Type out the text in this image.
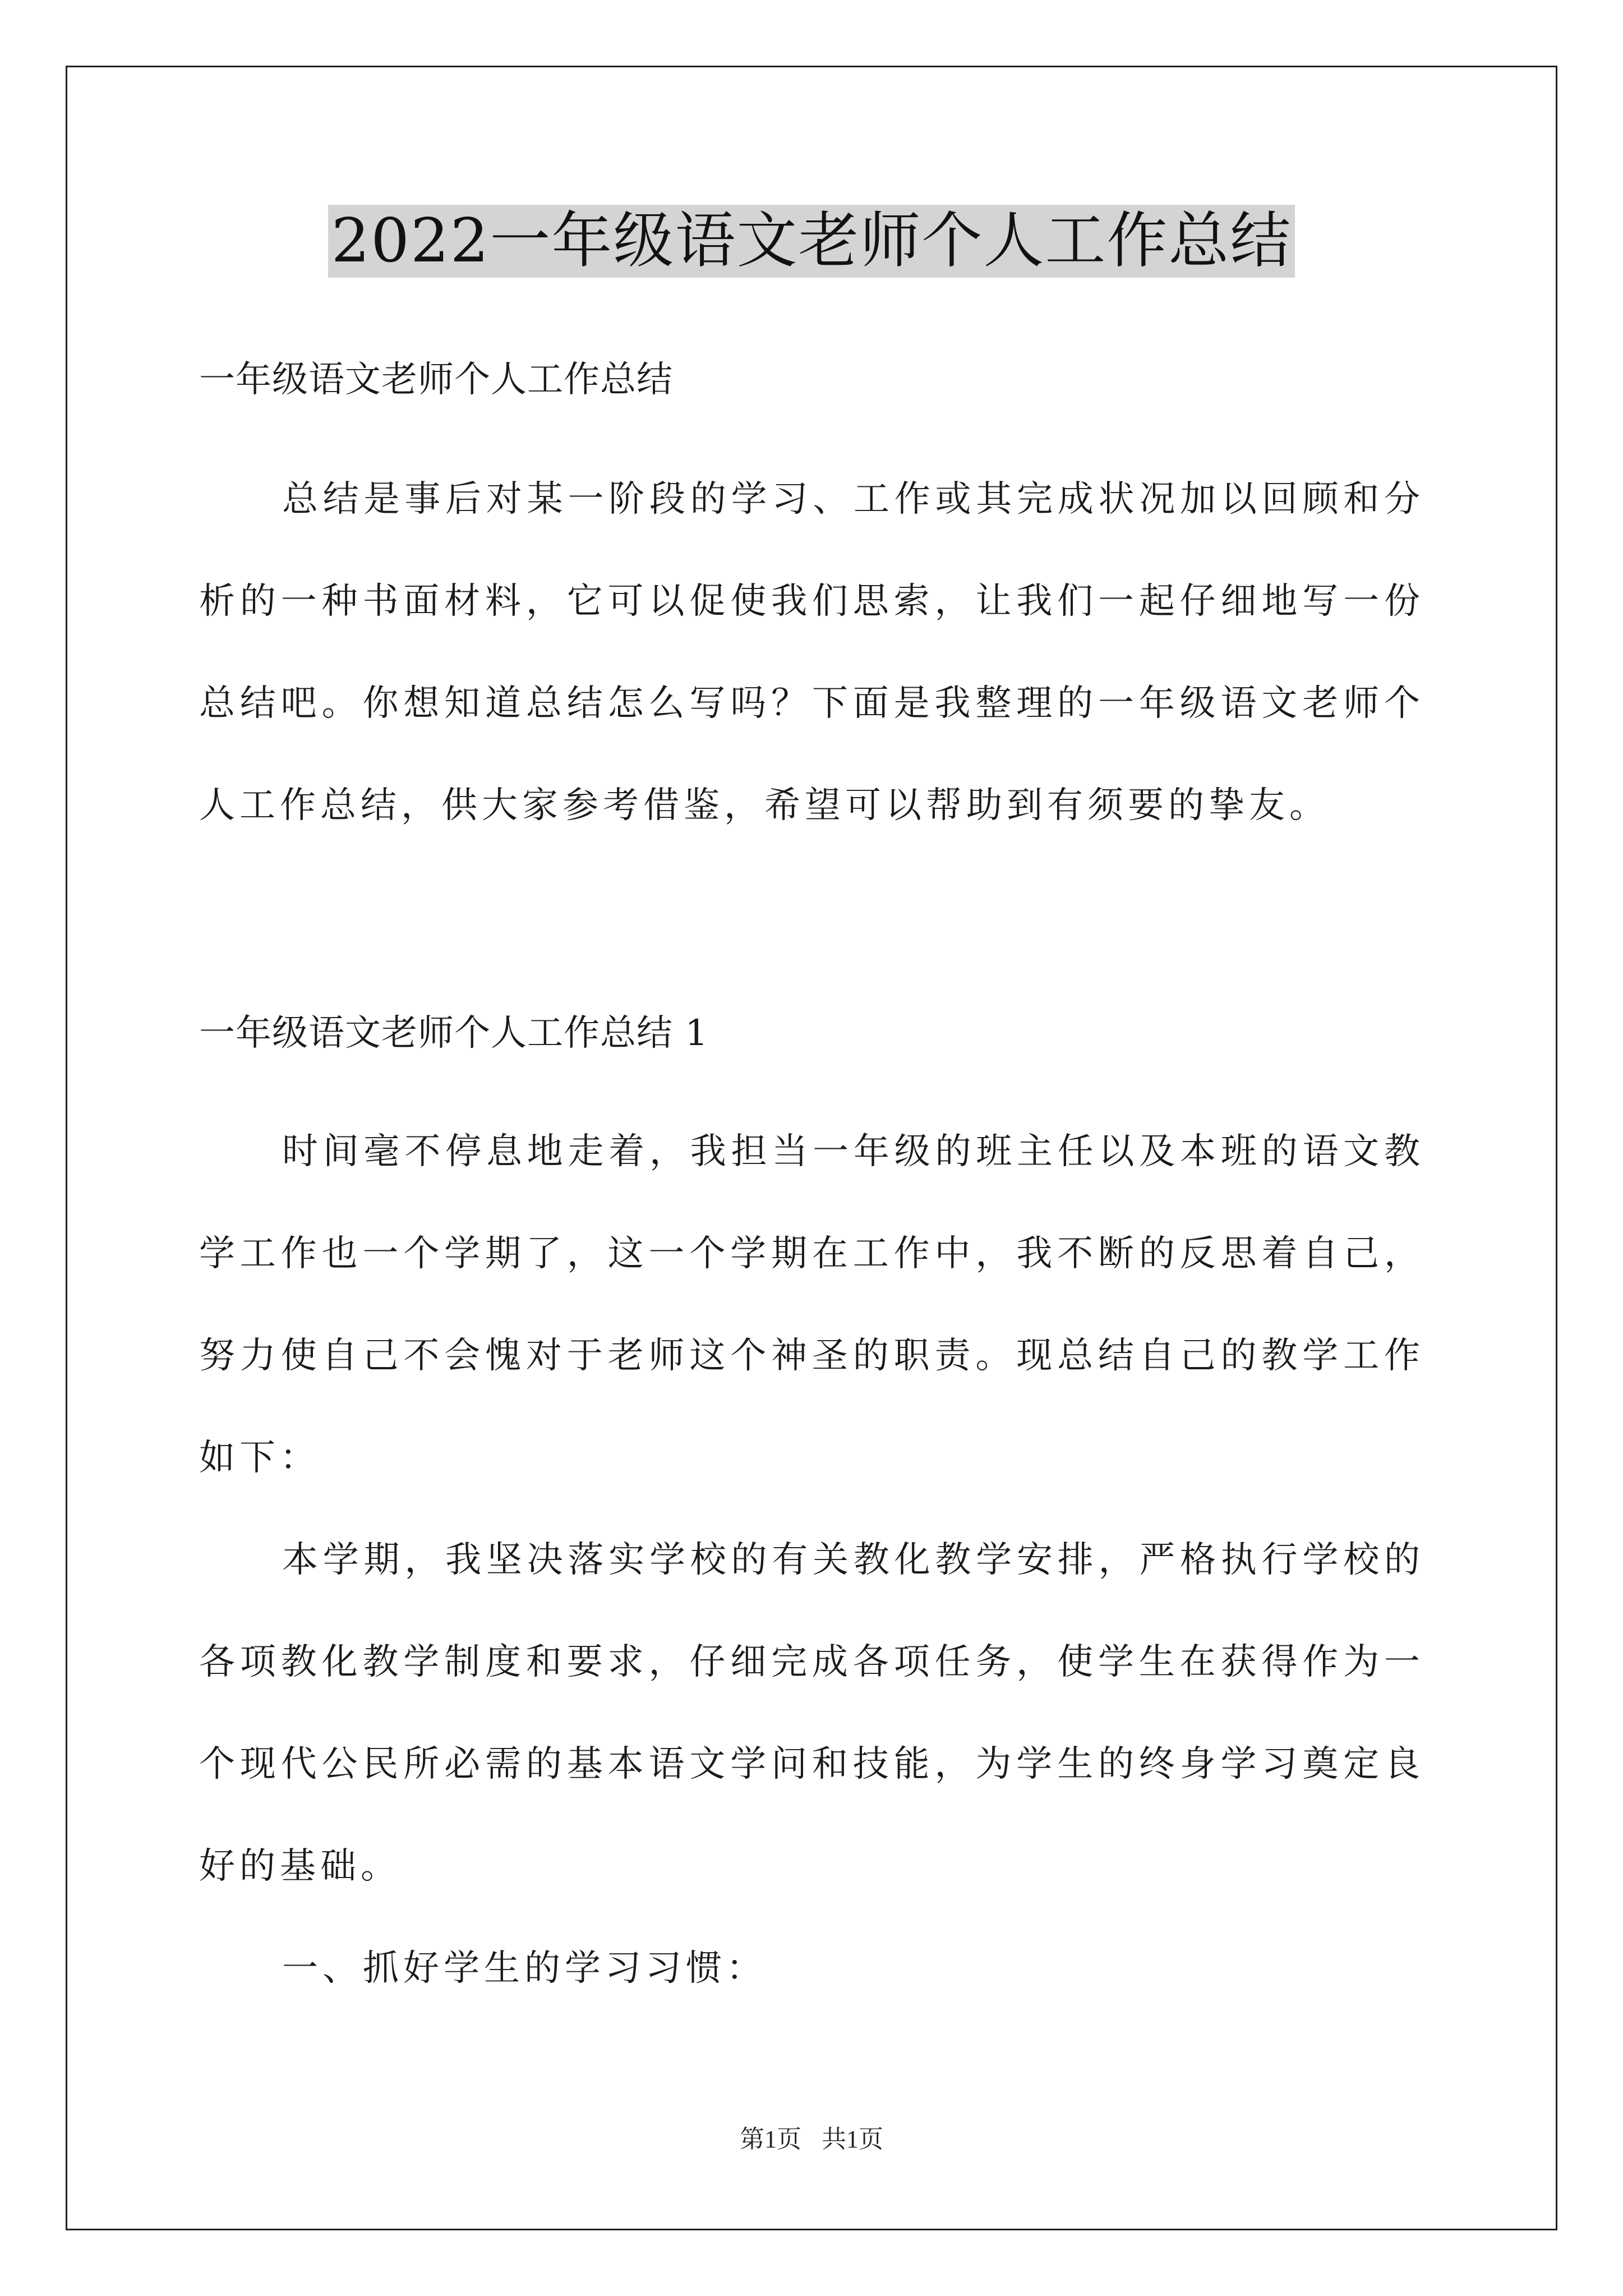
2022一年级语文老师个人工作总结

一年级语文老师个人工作总结

总结是事后对某一阶段的学习、工作或其完成状况加以回顾和分析的一种书面材料，它可以促使我们思索，让我们一起仔细地写一份总结吧。你想知道总结怎么写吗？下面是我整理的一年级语文老师个人工作总结，供大家参考借鉴，希望可以帮助到有须要的挚友。

一年级语文老师个人工作总结 1

时间毫不停息地走着，我担当一年级的班主任以及本班的语文教学工作也一个学期了，这一个学期在工作中，我不断的反思着自己，努力使自己不会愧对于老师这个神圣的职责。现总结自己的教学工作如下：

本学期，我坚决落实学校的有关教化教学安排，严格执行学校的各项教化教学制度和要求，仔细完成各项任务，使学生在获得作为一个现代公民所必需的基本语文学问和技能，为学生的终身学习奠定良好的基础。

一、抓好学生的学习习惯：

第1页 共1页
